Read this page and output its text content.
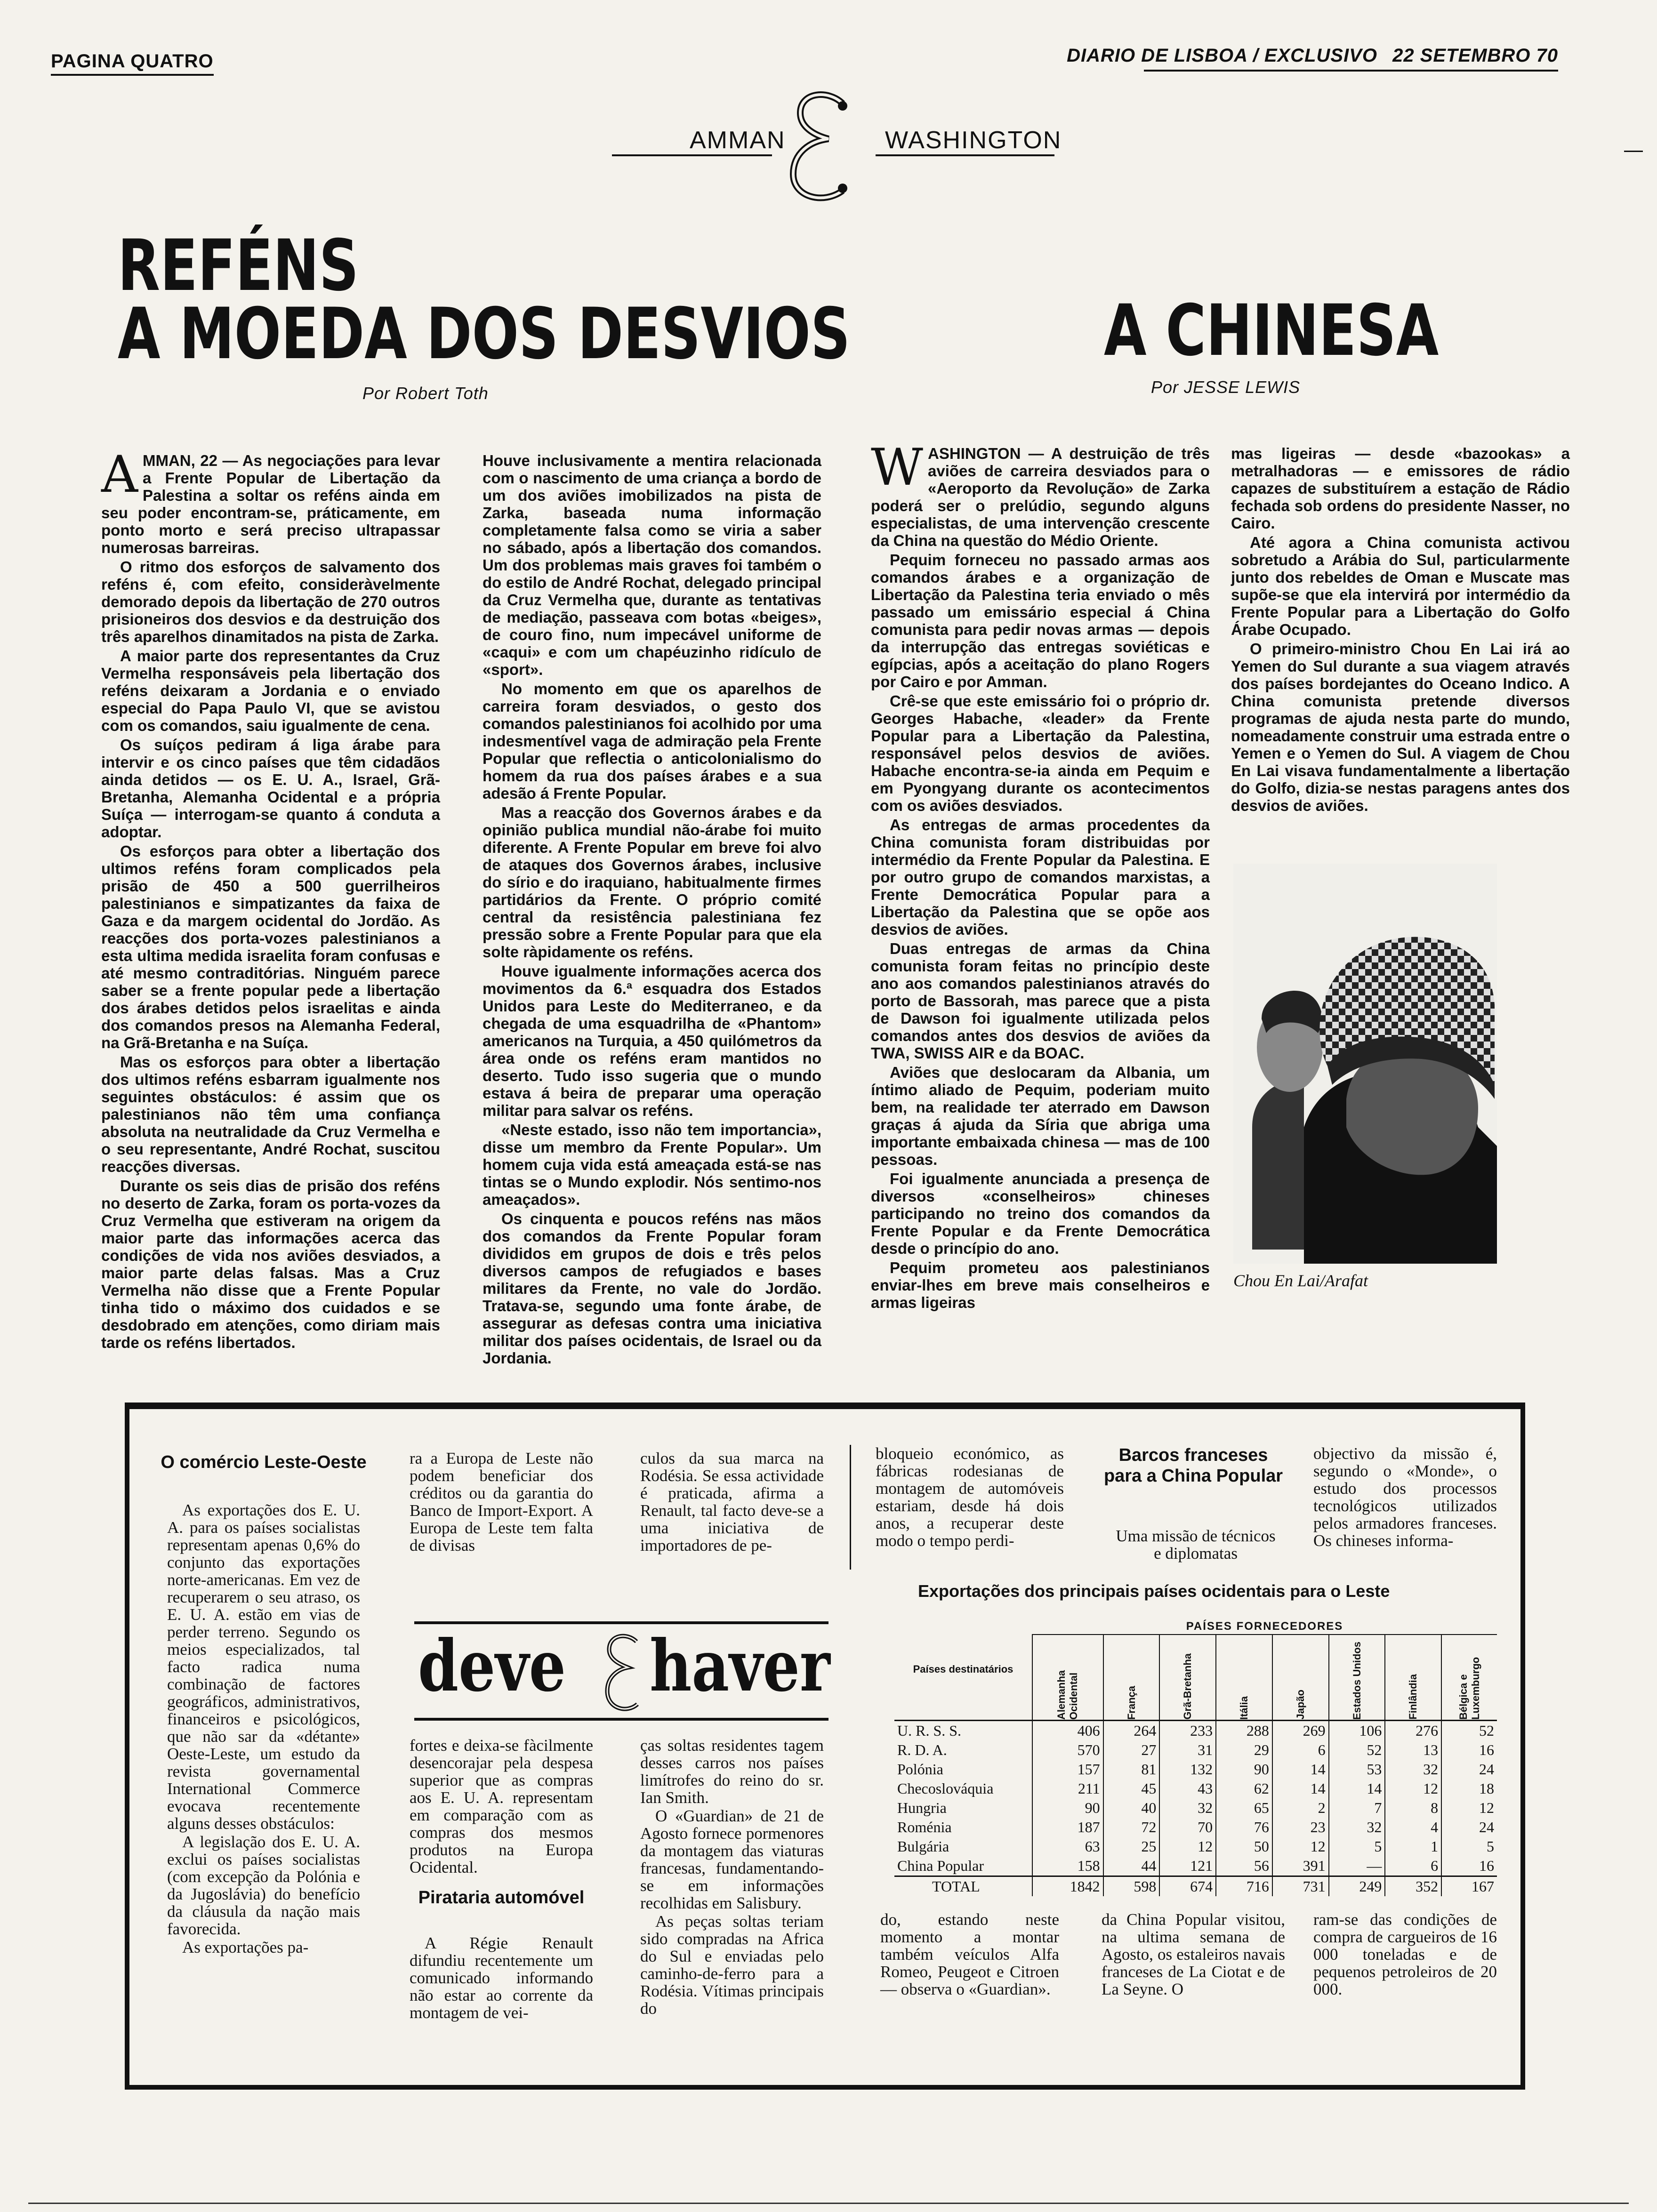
PAGINA QUATRO	DIARIO DE LISBOA / EXCLUSIVO 22 SETEMBRO 70
AMMAN	WASHINGTON
REFÉNS
A MOEDA DOS DESVIOS
Por Robert Toth
A CHINESA
Por JESSE LEWIS

AMMAN, 22 — As negociações para levar a Frente Popular de Libertação da Palestina a soltar os reféns ainda em seu poder encontram-se, práticamente, em ponto morto e será preciso ultrapassar numerosas barreiras.

O ritmo dos esforços de salvamento dos reféns é, com efeito, consideràvelmente demorado depois da libertação de 270 outros prisioneiros dos desvios e da destruição dos três aparelhos dinamitados na pista de Zarka.

A maior parte dos representantes da Cruz Vermelha responsáveis pela libertação dos reféns deixaram a Jordania e o enviado especial do Papa Paulo VI, que se avistou com os comandos, saiu igualmente de cena.

Os suíços pediram á liga árabe para intervir e os cinco países que têm cidadãos ainda detidos — os E. U. A., Israel, Grã-Bretanha, Alemanha Ocidental e a própria Suíça — interrogam-se quanto á conduta a adoptar.

Os esforços para obter a libertação dos ultimos reféns foram complicados pela prisão de 450 a 500 guerrilheiros palestinianos e simpatizantes da faixa de Gaza e da margem ocidental do Jordão. As reacções dos porta-vozes palestinianos a esta ultima medida israelita foram confusas e até mesmo contraditórias. Ninguém parece saber se a frente popular pede a libertação dos árabes detidos pelos israelitas e ainda dos comandos presos na Alemanha Federal, na Grã-Bretanha e na Suíça.

Mas os esforços para obter a libertação dos ultimos reféns esbarram igualmente nos seguintes obstáculos: é assim que os palestinianos não têm uma confiança absoluta na neutralidade da Cruz Vermelha e o seu representante, André Rochat, suscitou reacções diversas.

Durante os seis dias de prisão dos reféns no deserto de Zarka, foram os porta-vozes da Cruz Vermelha que estiveram na origem da maior parte das informações acerca das condições de vida nos aviões desviados, a maior parte delas falsas. Mas a Cruz Vermelha não disse que a Frente Popular tinha tido o máximo dos cuidados e se desdobrado em atenções, como diriam mais tarde os reféns libertados.

Houve inclusivamente a mentira relacionada com o nascimento de uma criança a bordo de um dos aviões imobilizados na pista de Zarka, baseada numa informação completamente falsa como se viria a saber no sábado, após a libertação dos comandos. Um dos problemas mais graves foi também o do estilo de André Rochat, delegado principal da Cruz Vermelha que, durante as tentativas de mediação, passeava com botas «beiges», de couro fino, num impecável uniforme de «caqui» e com um chapéuzinho ridículo de «sport».

No momento em que os aparelhos de carreira foram desviados, o gesto dos comandos palestinianos foi acolhido por uma indesmentível vaga de admiração pela Frente Popular que reflectia o anticolonialismo do homem da rua dos países árabes e a sua adesão á Frente Popular.

Mas a reacção dos Governos árabes e da opinião publica mundial não-árabe foi muito diferente. A Frente Popular em breve foi alvo de ataques dos Governos árabes, inclusive do sírio e do iraquiano, habitualmente firmes partidários da Frente. O próprio comité central da resistência palestiniana fez pressão sobre a Frente Popular para que ela solte ràpidamente os reféns.

Houve igualmente informações acerca dos movimentos da 6.ª esquadra dos Estados Unidos para Leste do Mediterraneo, e da chegada de uma esquadrilha de «Phantom» americanos na Turquia, a 450 quilómetros da área onde os reféns eram mantidos no deserto. Tudo isso sugeria que o mundo estava á beira de preparar uma operação militar para salvar os reféns.

«Neste estado, isso não tem importancia», disse um membro da Frente Popular». Um homem cuja vida está ameaçada está-se nas tintas se o Mundo explodir. Nós sentimo-nos ameaçados».

Os cinquenta e poucos reféns nas mãos dos comandos da Frente Popular foram divididos em grupos de dois e três pelos diversos campos de refugiados e bases militares da Frente, no vale do Jordão. Tratava-se, segundo uma fonte árabe, de assegurar as defesas contra uma iniciativa militar dos países ocidentais, de Israel ou da Jordania.

WASHINGTON — A destruição de três aviões de carreira desviados para o «Aeroporto da Revolução» de Zarka poderá ser o prelúdio, segundo alguns especialistas, de uma intervenção crescente da China na questão do Médio Oriente.

Pequim forneceu no passado armas aos comandos árabes e a organização de Libertação da Palestina teria enviado o mês passado um emissário especial á China comunista para pedir novas armas — depois da interrupção das entregas soviéticas e egípcias, após a aceitação do plano Rogers por Cairo e por Amman.

Crê-se que este emissário foi o próprio dr. Georges Habache, «leader» da Frente Popular para a Libertação da Palestina, responsável pelos desvios de aviões. Habache encontra-se-ia ainda em Pequim e em Pyongyang durante os acontecimentos com os aviões desviados.

As entregas de armas procedentes da China comunista foram distribuidas por intermédio da Frente Popular da Palestina. E por outro grupo de comandos marxistas, a Frente Democrática Popular para a Libertação da Palestina que se opõe aos desvios de aviões.

Duas entregas de armas da China comunista foram feitas no princípio deste ano aos comandos palestinianos através do porto de Bassorah, mas parece que a pista de Dawson foi igualmente utilizada pelos comandos antes dos desvios de aviões da TWA, SWISS AIR e da BOAC.

Aviões que deslocaram da Albania, um íntimo aliado de Pequim, poderiam muito bem, na realidade ter aterrado em Dawson graças á ajuda da Síria que abriga uma importante embaixada chinesa — mas de 100 pessoas.

Foi igualmente anunciada a presença de diversos «conselheiros» chineses participando no treino dos comandos da Frente Popular e da Frente Democrática desde o princípio do ano.

Pequim prometeu aos palestinianos enviar-lhes em breve mais conselheiros e armas ligeiras

mas ligeiras — desde «bazookas» a metralhadoras — e emissores de rádio capazes de substituírem a estação de Rádio fechada sob ordens do presidente Nasser, no Cairo.

Até agora a China comunista activou sobretudo a Arábia do Sul, particularmente junto dos rebeldes de Oman e Muscate mas supõe-se que ela intervirá por intermédio da Frente Popular para a Libertação do Golfo Árabe Ocupado.

O primeiro-ministro Chou En Lai irá ao Yemen do Sul durante a sua viagem através dos países bordejantes do Oceano Indico. A China comunista pretende diversos programas de ajuda nesta parte do mundo, nomeadamente construir uma estrada entre o Yemen e o Yemen do Sul. A viagem de Chou En Lai visava fundamentalmente a libertação do Golfo, dizia-se nestas paragens antes dos desvios de aviões.

Chou En Lai/Arafat
O comércio Leste-Oeste

As exportações dos E. U. A. para os países socialistas representam apenas 0,6% do conjunto das exportações norte-americanas. Em vez de recuperarem o seu atraso, os E. U. A. estão em vias de perder terreno. Segundo os meios especializados, tal facto radica numa combinação de factores geográficos, administrativos, financeiros e psicológicos, que não sar da «détante» Oeste-Leste, um estudo da revista governamental International Commerce evocava recentemente alguns desses obstáculos:

A legislação dos E. U. A. exclui os países socialistas (com excepção da Polónia e da Jugoslávia) do benefício da cláusula da nação mais favorecida.

As exportações pa-

ra a Europa de Leste não podem beneficiar dos créditos ou da garantia do Banco de Import-Export. A Europa de Leste tem falta de divisas

culos da sua marca na Rodésia. Se essa actividade é praticada, afirma a Renault, tal facto deve-se a uma iniciativa de importadores de pe-

deve haver

fortes e deixa-se fàcilmente desencorajar pela despesa superior que as compras aos E. U. A. representam em comparação com as compras dos mesmos produtos na Europa Ocidental.

Pirataria automóvel

A Régie Renault difundiu recentemente um comunicado informando não estar ao corrente da montagem de vei-

ças soltas residentes tagem desses carros nos países limítrofes do reino do sr. Ian Smith.

O «Guardian» de 21 de Agosto fornece pormenores da montagem das viaturas francesas, fundamentando-se em informações recolhidas em Salisbury.

As peças soltas teriam sido compradas na Africa do Sul e enviadas pelo caminho-de-ferro para a Rodésia. Vítimas principais do

bloqueio económico, as fábricas rodesianas de montagem de automóveis estariam, desde há dois anos, a recuperar deste modo o tempo perdi-

do, estando neste momento a montar também veículos Alfa Romeo, Peugeot e Citroen — observa o «Guardian».

Barcos franceses para a China Popular

Uma missão de técnicos e diplomatas

da China Popular visitou, na ultima semana de Agosto, os estaleiros navais franceses de La Ciotat e de La Seyne. O

objectivo da missão é, segundo o «Monde», o estudo dos processos tecnológicos utilizados pelos armadores franceses. Os chineses informa-

ram-se das condições de compra de cargueiros de 16 000 toneladas e de pequenos petroleiros de 20 000.

Exportações dos principais países ocidentais para o Leste
Países destinatários	PAÍSES FORNECEDORES							

	Alemanha Ocidental	França	Grã-Bretanha	Itália	Japão	Estados Unidos	Finlândia	Bélgica e Luxemburgo

U. R. S. S.	406	264	233	288	269	106	276	52
R. D. A.	570	27	31	29	6	52	13	16
Polónia	157	81	132	90	14	53	32	24
Checoslováquia	211	45	43	62	14	14	12	18
Hungria	90	40	32	65	2	7	8	12
Roménia	187	72	70	76	23	32	4	24
Bulgária	63	25	12	50	12	5	1	5
China Popular	158	44	121	56	391	—	6	16
TOTAL	1842	598	674	716	731	249	352	167
